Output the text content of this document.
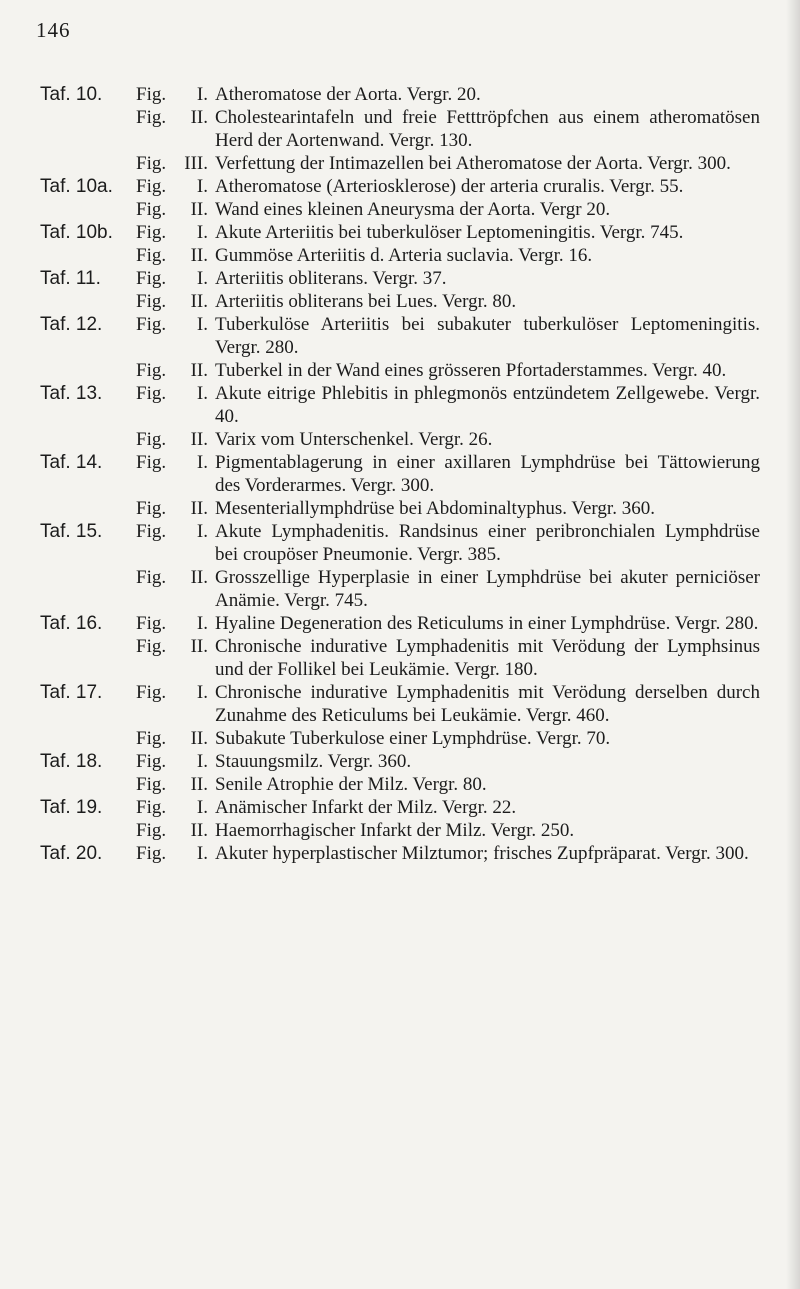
146
Taf. 10.	Fig.	I. Atheromatose der Aorta. Vergr. 20.
Fig.	II. Cholestearintafeln und freie Fetttröpfchen aus einem atheromatösen Herd der Aortenwand. Vergr. 130.
Fig. III. Verfettung der Intimazellen bei Atheromatose der Aorta. Vergr. 300.
Taf. 10a.	Fig.	I. Atheromatose (Arteriosklerose) der arteria cruralis. Vergr. 55.
Fig.	II. Wand eines kleinen Aneurysma der Aorta. Vergr 20.
Taf. 10b.	Fig.	I. Akute Arteriitis bei tuberkulöser Leptomeningitis. Vergr. 745.
Fig.	II. Gummöse Arteriitis d. Arteria suclavia. Vergr. 16.
Taf. 11.	Fig.	I. Arteriitis obliterans. Vergr. 37.
Fig.	II. Arteriitis obliterans bei Lues. Vergr. 80.
Taf. 12.	Fig.	I. Tuberkulöse Arteriitis bei subakuter tuberkulöser Leptomeningitis. Vergr. 280.
Fig.	II. Tuberkel in der Wand eines grösseren Pfortaderstammes. Vergr. 40.
Taf. 13.	Fig.	I. Akute eitrige Phlebitis in phlegmonös entzündetem Zellgewebe. Vergr. 40.
Fig.	II. Varix vom Unterschenkel. Vergr. 26.
Taf. 14.	Fig.	I. Pigmentablagerung in einer axillaren Lymphdrüse bei Tättowierung des Vorderarmes. Vergr. 300.
Fig.	II. Mesenteriallymphdrüse bei Abdominaltyphus. Vergr. 360.
Taf. 15.	Fig.	I. Akute Lymphadenitis. Randsinus einer peribronchialen Lymphdrüse bei croupöser Pneumonie. Vergr. 385.
Fig.	II. Grosszellige Hyperplasie in einer Lymphdrüse bei akuter perniciöser Anämie. Vergr. 745.
Taf. 16.	Fig.	I. Hyaline Degeneration des Reticulums in einer Lymphdrüse. Vergr. 280.
Fig.	II. Chronische indurative Lymphadenitis mit Verödung der Lymphsinus und der Follikel bei Leukämie. Vergr. 180.
Taf. 17.	Fig.	I. Chronische indurative Lymphadenitis mit Verödung derselben durch Zunahme des Reticulums bei Leukämie. Vergr. 460.
Fig.	II. Subakute Tuberkulose einer Lymphdrüse. Vergr. 70.
Taf. 18.	Fig.	I. Stauungsmilz. Vergr. 360.
Fig.	II. Senile Atrophie der Milz. Vergr. 80.
Taf. 19.	Fig.	I. Anämischer Infarkt der Milz. Vergr. 22.
Fig.	II. Haemorrhagischer Infarkt der Milz. Vergr. 250.
Taf. 20.	Fig.	I. Akuter hyperplastischer Milztumor; frisches Zupfpräparat. Vergr. 300.
